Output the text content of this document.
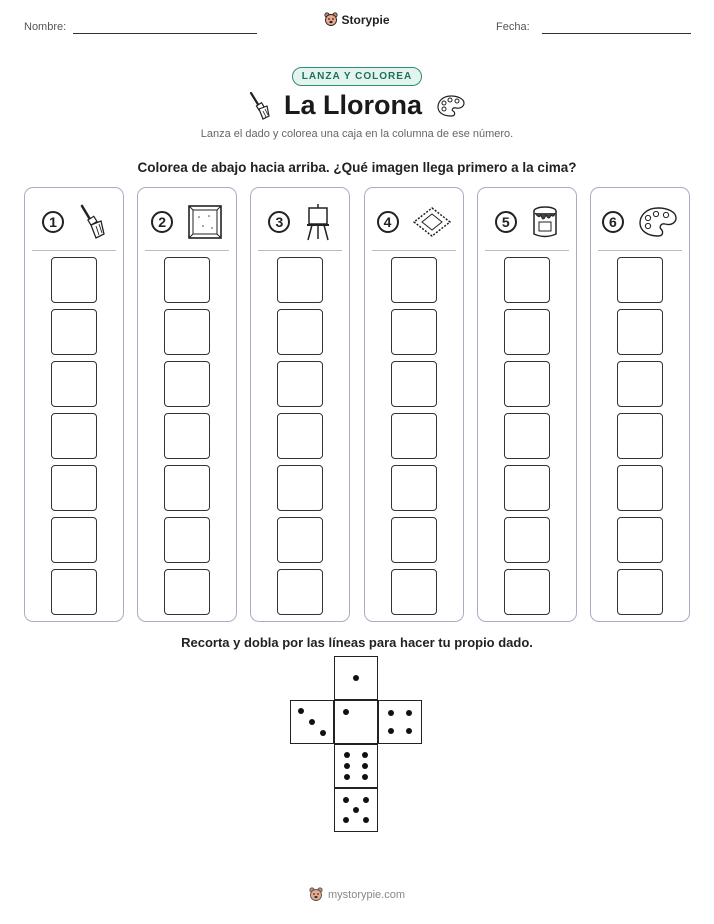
Nombre:	Storypie	Fecha:
LANZA Y COLOREA
La Llorona
Lanza el dado y colorea una caja en la columna de ese número.
Colorea de abajo hacia arriba. ¿Qué imagen llega primero a la cima?
1	2	3	4	5	6
Recorta y dobla por las líneas para hacer tu propio dado.
mystorypie.com
